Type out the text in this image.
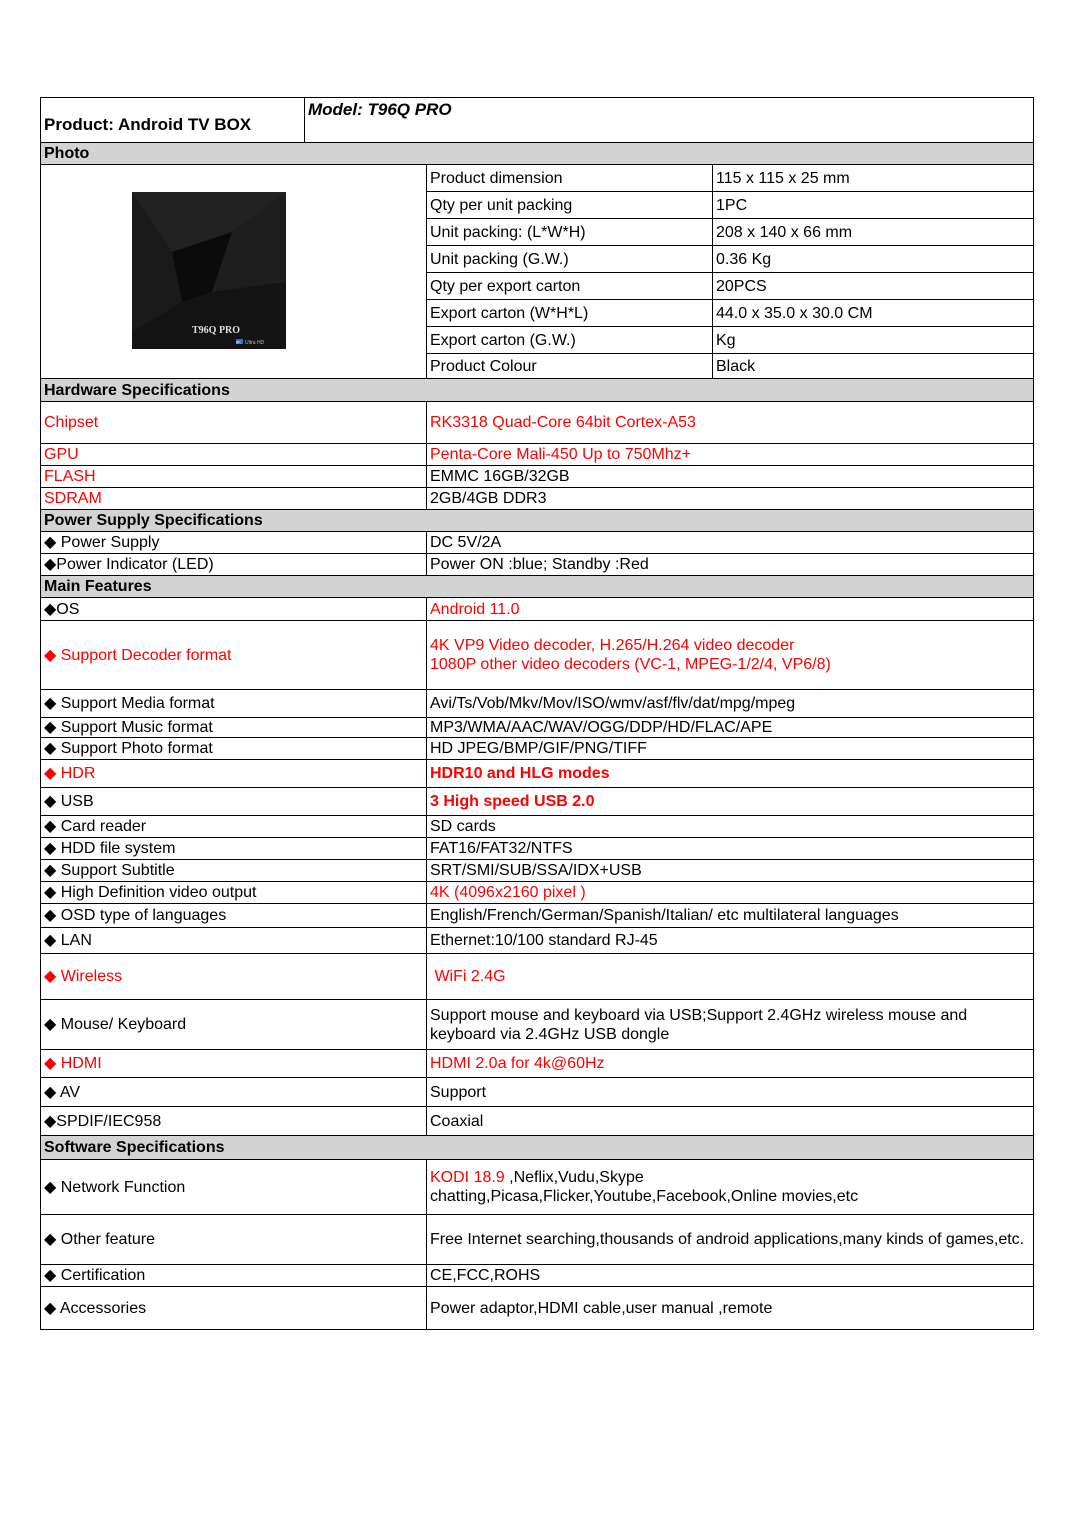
Product: Android TV BOX	Model: T96Q PRO		
Photo			

T96Q PRO
8K Ultra HD		Product dimension	115 x 115 x 25 mm
		Qty per unit packing	1PC
		Unit packing: (L*W*H)	208 x 140 x 66 mm
		Unit packing (G.W.)	0.36 Kg
		Qty per export carton	20PCS
		Export carton (W*H*L)	44.0 x 35.0 x 30.0 CM
		Export carton (G.W.)	Kg
		Product Colour	Black
Hardware Specifications			
Chipset		RK3318 Quad-Core 64bit Cortex-A53	
GPU		Penta-Core Mali-450 Up to 750Mhz+	
FLASH		EMMC 16GB/32GB	
SDRAM		2GB/4GB DDR3	
Power Supply Specifications			
◆ Power Supply		DC 5V/2A	
◆Power Indicator (LED)		Power ON :blue; Standby :Red	
Main Features			
◆OS		Android 11.0	
◆ Support Decoder format		4K VP9 Video decoder, H.265/H.264 video decoder
1080P other video decoders (VC-1, MPEG-1/2/4, VP6/8)	

◆ Support Media format		Avi/Ts/Vob/Mkv/Mov/ISO/wmv/asf/flv/dat/mpg/mpeg	
◆ Support Music format		MP3/WMA/AAC/WAV/OGG/DDP/HD/FLAC/APE	
◆ Support Photo format		HD JPEG/BMP/GIF/PNG/TIFF	
◆ HDR		HDR10 and HLG modes	
◆ USB		3 High speed USB 2.0	
◆ Card reader		SD cards	
◆ HDD file system		FAT16/FAT32/NTFS	
◆ Support Subtitle		SRT/SMI/SUB/SSA/IDX+USB	
◆ High Definition video output		4K (4096x2160 pixel )	
◆ OSD type of languages		English/French/German/Spanish/Italian/ etc multilateral languages	
◆ LAN		Ethernet:10/100 standard RJ-45	
◆ Wireless		WiFi 2.4G	
◆ Mouse/ Keyboard		Support mouse and keyboard via USB;Support 2.4GHz wireless mouse and keyboard via 2.4GHz USB dongle	
◆ HDMI		HDMI 2.0a for 4k@60Hz	
◆ AV		Support	
◆SPDIF/IEC958		Coaxial	
Software Specifications			
◆ Network Function		KODI 18.9 ,Neflix,Vudu,Skype
chatting,Picasa,Flicker,Youtube,Facebook,Online movies,etc	

◆ Other feature		Free Internet searching,thousands of android applications,many kinds of games,etc.	
◆ Certification		CE,FCC,ROHS	
◆ Accessories		Power adaptor,HDMI cable,user manual ,remote	
